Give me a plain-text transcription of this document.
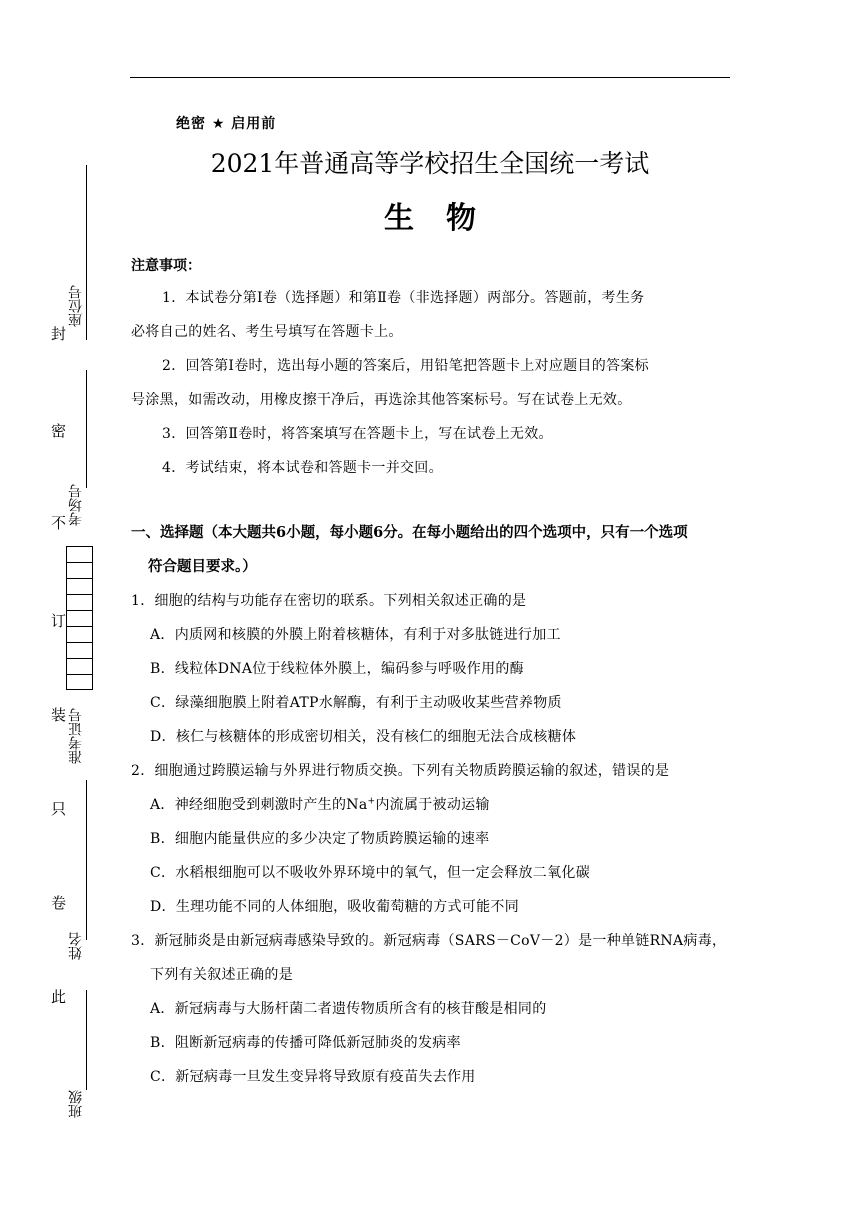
绝密 ★ 启用前
2021年普通高等学校招生全国统一考试
生物
注意事项：
1．本试卷分第Ⅰ卷（选择题）和第Ⅱ卷（非选择题）两部分。答题前，考生务
必将自己的姓名、考生号填写在答题卡上。
2．回答第Ⅰ卷时，选出每小题的答案后，用铅笔把答题卡上对应题目的答案标
号涂黑，如需改动，用橡皮擦干净后，再选涂其他答案标号。写在试卷上无效。
3．回答第Ⅱ卷时，将答案填写在答题卡上，写在试卷上无效。
4．考试结束，将本试卷和答题卡一并交回。
一、选择题（本大题共6小题，每小题6分。在每小题给出的四个选项中，只有一个选项
符合题目要求。）
1．细胞的结构与功能存在密切的联系。下列相关叙述正确的是
A．内质网和核膜的外膜上附着核糖体，有利于对多肽链进行加工
B．线粒体DNA位于线粒体外膜上，编码参与呼吸作用的酶
C．绿藻细胞膜上附着ATP水解酶，有利于主动吸收某些营养物质
D．核仁与核糖体的形成密切相关，没有核仁的细胞无法合成核糖体
2．细胞通过跨膜运输与外界进行物质交换。下列有关物质跨膜运输的叙述，错误的是
A．神经细胞受到刺激时产生的Na+内流属于被动运输
B．细胞内能量供应的多少决定了物质跨膜运输的速率
C．水稻根细胞可以不吸收外界环境中的氧气，但一定会释放二氧化碳
D．生理功能不同的人体细胞，吸收葡萄糖的方式可能不同
3．新冠肺炎是由新冠病毒感染导致的。新冠病毒（SARS－CoV－2）是一种单链RNA病毒，
下列有关叙述正确的是
A．新冠病毒与大肠杆菌二者遗传物质所含有的核苷酸是相同的
B．阻断新冠病毒的传播可降低新冠肺炎的发病率
C．新冠病毒一旦发生变异将导致原有疫苗失去作用
座位号
考场号
准考证号
姓名
班级
封
密
不
订
装
只
卷
此
